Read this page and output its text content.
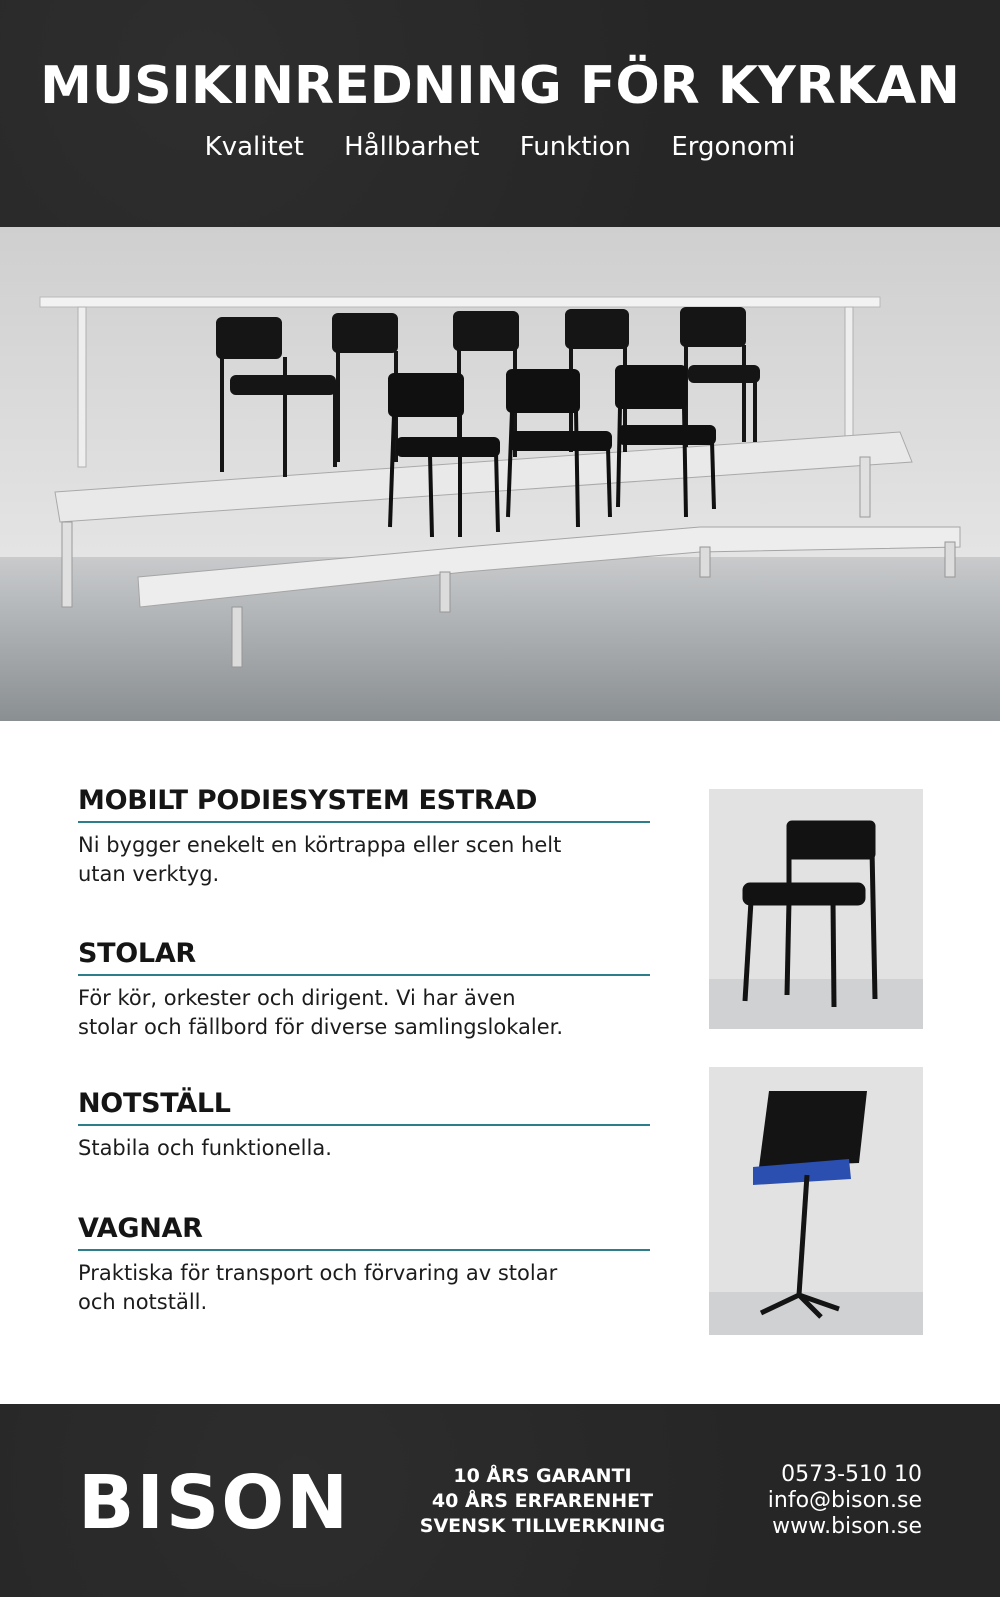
MUSIKINREDNING FÖR KYRKAN
Kvalitet Hållbarhet Funktion Ergonomi
MOBILT PODIESYSTEM ESTRAD

Ni bygger enekelt en körtrappa eller scen helt utan verktyg.

STOLAR

För kör, orkester och dirigent. Vi har även stolar och fällbord för diverse samlingslokaler.

NOTSTÄLL

Stabila och funktionella.

VAGNAR

Praktiska för transport och förvaring av stolar och notställ.

BISON	10 ÅRS GARANTI
40 ÅRS ERFARENHET
SVENSK TILLVERKNING
0573-510 10
info@bison.se
www.bison.se
